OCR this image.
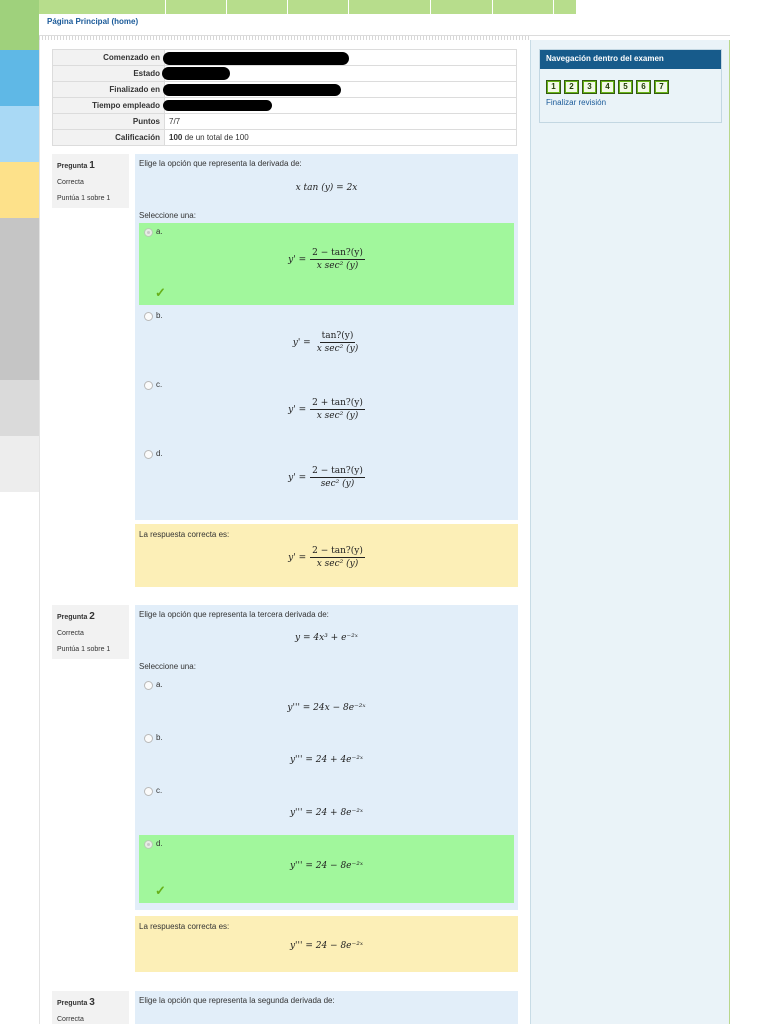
Página Principal (home)
Comenzado en	

Estado	

Finalizado en	

Tiempo empleado	

Puntos	7/7
Calificación	100 de un total de 100
Navegación dentro del examen
1	2	3	4	5	6	7
Finalizar revisión
Pregunta 1
Correcta
Puntúa 1 sobre 1
Elige la opción que representa la derivada de:
x tan (y) = 2x
Seleccione una:
a.
$y' = \frac{2 - \tan?(y)}{\text{x sec² (y)}}$
✓
b.
$y' = \frac{\tan?(y)}{\text{x sec² (y)}}$
c.
$y' = \frac{2 + \tan?(y)}{\text{x sec² (y)}}$
d.
$y' = \frac{2 - \tan?(y)}{\text{sec² (y)}}$
La respuesta correcta es:
$y' = \frac{2 - \tan?(y)}{\text{x sec² (y)}}$
Pregunta 2
Correcta
Puntúa 1 sobre 1
Elige la opción que representa la tercera derivada de:
y = 4x³ + e⁻²ˣ
Seleccione una:
a.
y''' = 24x − 8e⁻²ˣ
b.
y''' = 24 + 4e⁻²ˣ
c.
y''' = 24 + 8e⁻²ˣ
d.
y''' = 24 − 8e⁻²ˣ
✓
La respuesta correcta es:
y''' = 24 − 8e⁻²ˣ
Pregunta 3
Correcta
Elige la opción que representa la segunda derivada de:
